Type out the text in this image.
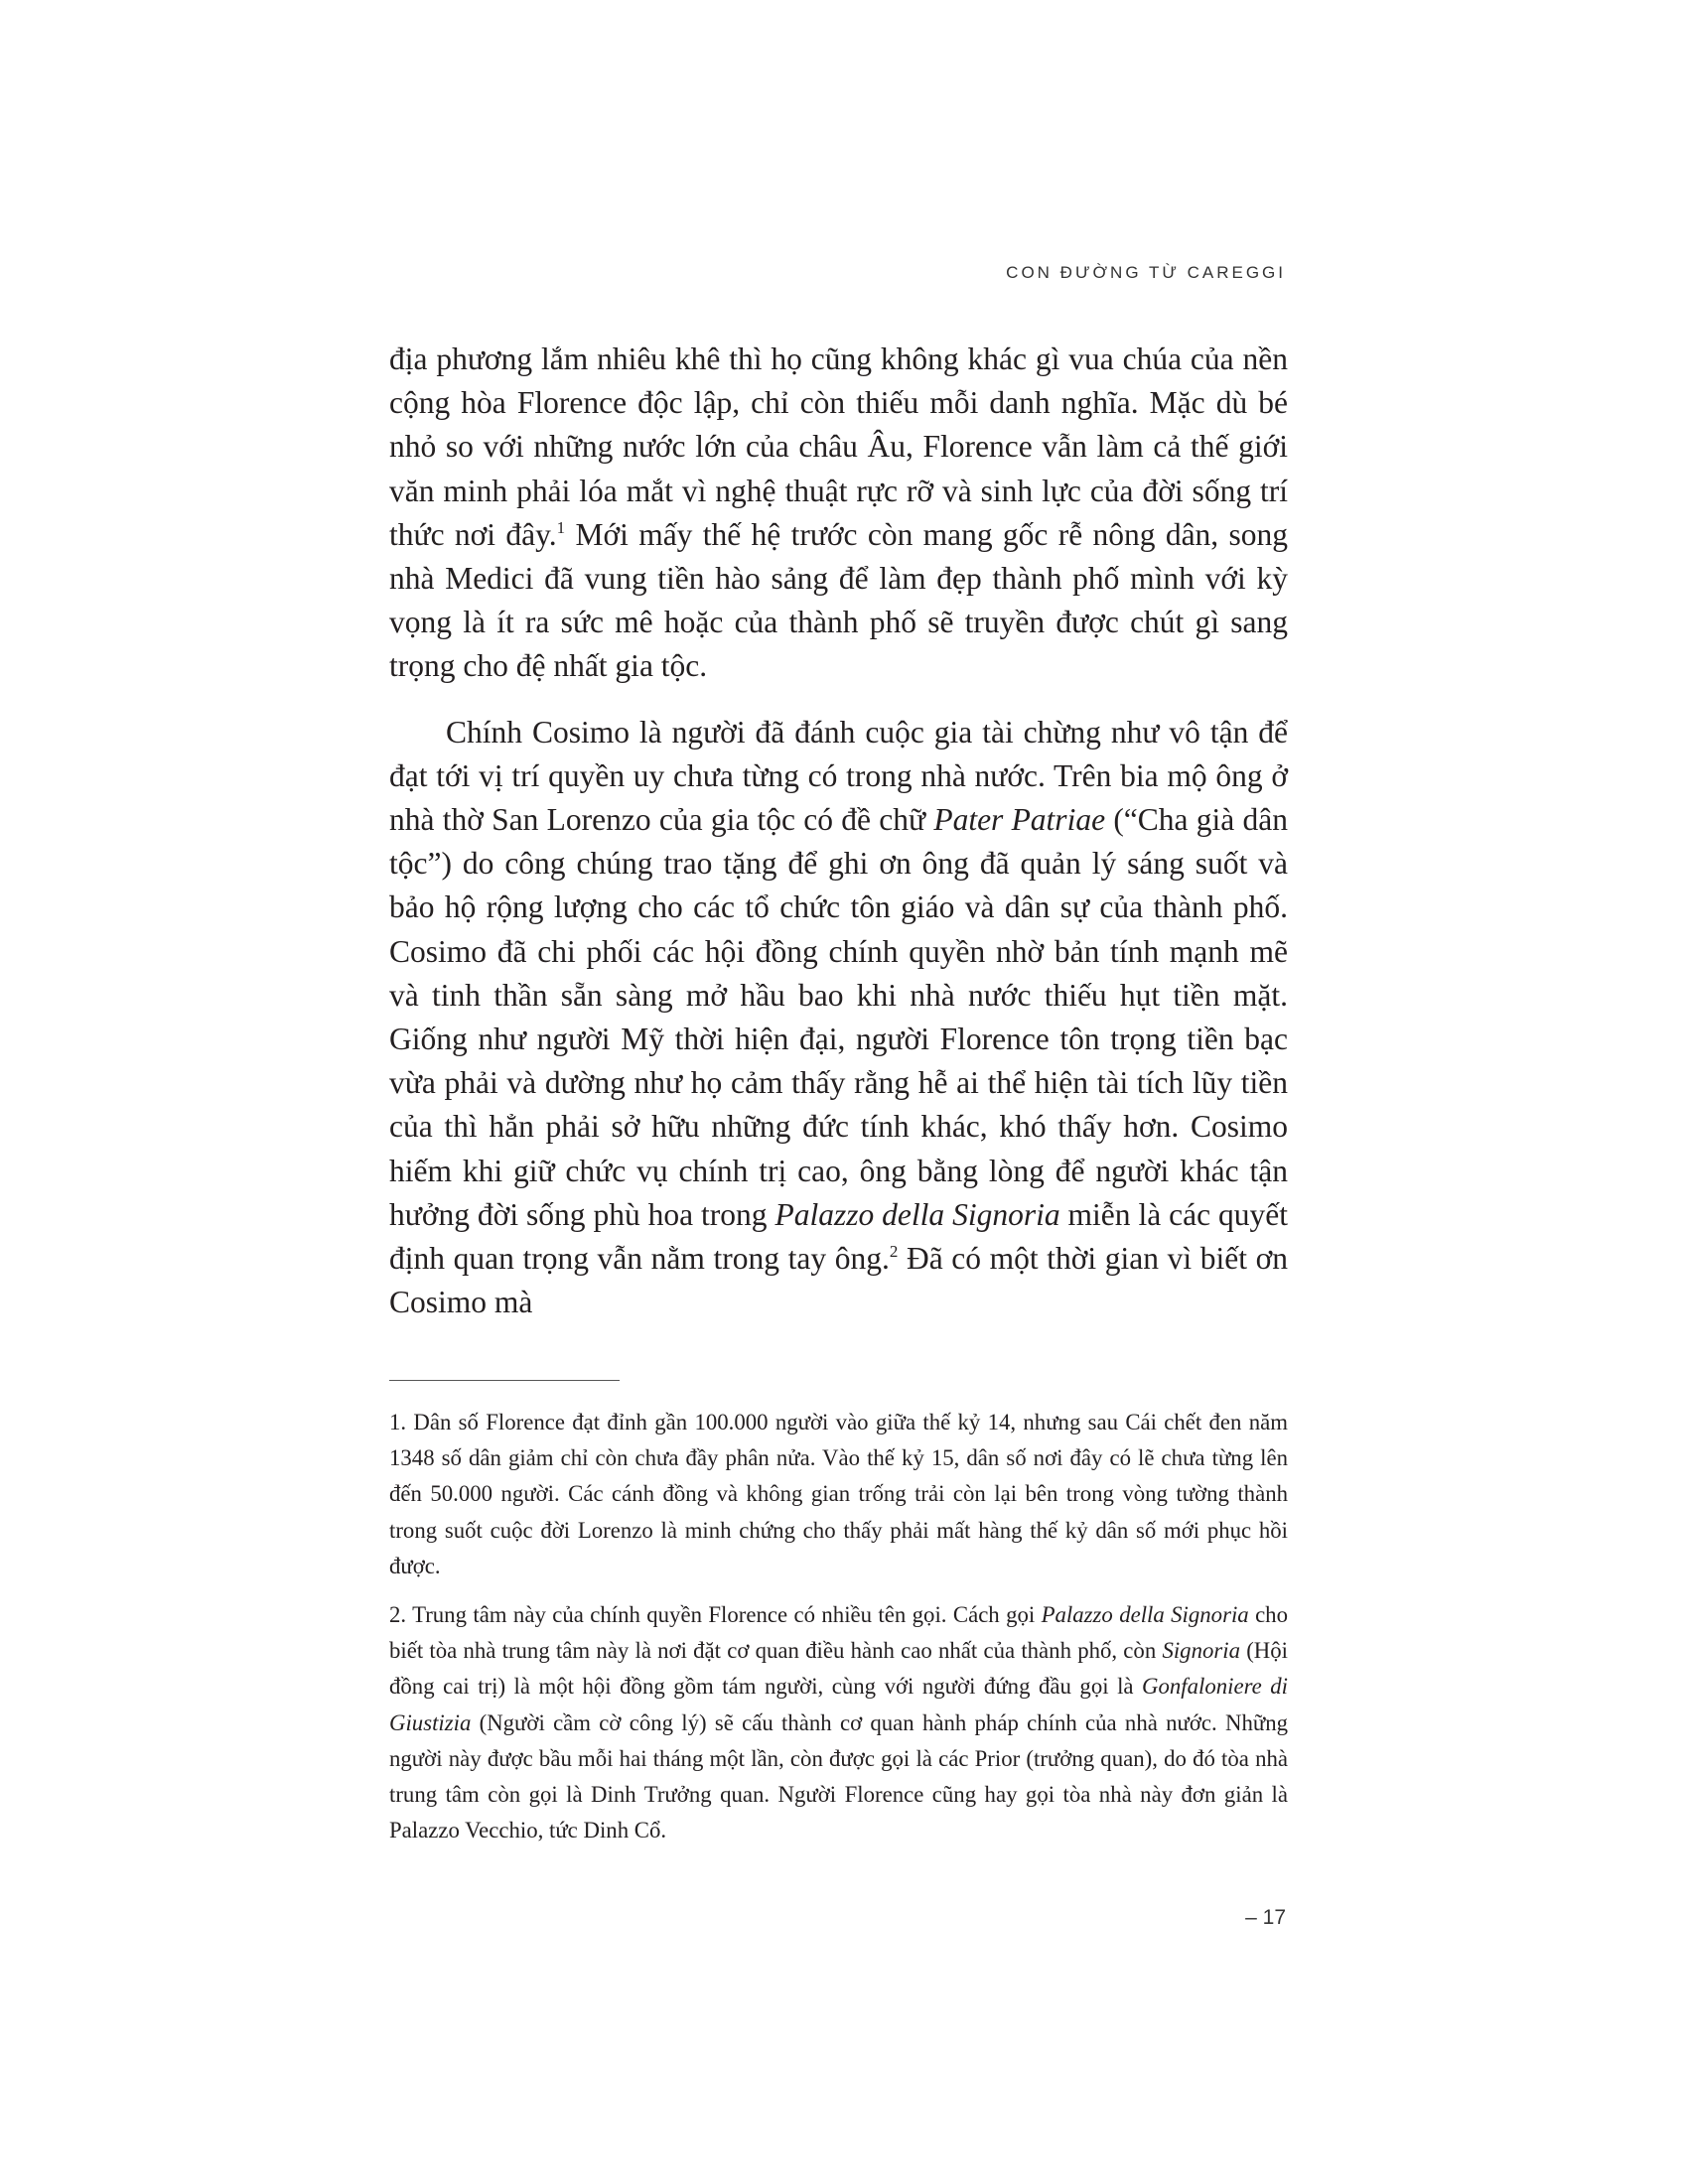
CON ĐƯỜNG TỪ CAREGGI

địa phương lắm nhiêu khê thì họ cũng không khác gì vua chúa của nền cộng hòa Florence độc lập, chỉ còn thiếu mỗi danh nghĩa. Mặc dù bé nhỏ so với những nước lớn của châu Âu, Florence vẫn làm cả thế giới văn minh phải lóa mắt vì nghệ thuật rực rỡ và sinh lực của đời sống trí thức nơi đây.$^1$ Mới mấy thế hệ trước còn mang gốc rễ nông dân, song nhà Medici đã vung tiền hào sảng để làm đẹp thành phố mình với kỳ vọng là ít ra sức mê hoặc của thành phố sẽ truyền được chút gì sang trọng cho đệ nhất gia tộc.

Chính Cosimo là người đã đánh cuộc gia tài chừng như vô tận để đạt tới vị trí quyền uy chưa từng có trong nhà nước. Trên bia mộ ông ở nhà thờ San Lorenzo của gia tộc có đề chữ Pater Patriae (“Cha già dân tộc”) do công chúng trao tặng để ghi ơn ông đã quản lý sáng suốt và bảo hộ rộng lượng cho các tổ chức tôn giáo và dân sự của thành phố. Cosimo đã chi phối các hội đồng chính quyền nhờ bản tính mạnh mẽ và tinh thần sẵn sàng mở hầu bao khi nhà nước thiếu hụt tiền mặt. Giống như người Mỹ thời hiện đại, người Florence tôn trọng tiền bạc vừa phải và dường như họ cảm thấy rằng hễ ai thể hiện tài tích lũy tiền của thì hẳn phải sở hữu những đức tính khác, khó thấy hơn. Cosimo hiếm khi giữ chức vụ chính trị cao, ông bằng lòng để người khác tận hưởng đời sống phù hoa trong Palazzo della Signoria miễn là các quyết định quan trọng vẫn nằm trong tay ông.$^2$ Đã có một thời gian vì biết ơn Cosimo mà

1. Dân số Florence đạt đỉnh gần 100.000 người vào giữa thế kỷ 14, nhưng sau Cái chết đen năm 1348 số dân giảm chỉ còn chưa đầy phân nửa. Vào thế kỷ 15, dân số nơi đây có lẽ chưa từng lên đến 50.000 người. Các cánh đồng và không gian trống trải còn lại bên trong vòng tường thành trong suốt cuộc đời Lorenzo là minh chứng cho thấy phải mất hàng thế kỷ dân số mới phục hồi được.

2. Trung tâm này của chính quyền Florence có nhiều tên gọi. Cách gọi Palazzo della Signoria cho biết tòa nhà trung tâm này là nơi đặt cơ quan điều hành cao nhất của thành phố, còn Signoria (Hội đồng cai trị) là một hội đồng gồm tám người, cùng với người đứng đầu gọi là Gonfaloniere di Giustizia (Người cầm cờ công lý) sẽ cấu thành cơ quan hành pháp chính của nhà nước. Những người này được bầu mỗi hai tháng một lần, còn được gọi là các Prior (trưởng quan), do đó tòa nhà trung tâm còn gọi là Dinh Trưởng quan. Người Florence cũng hay gọi tòa nhà này đơn giản là Palazzo Vecchio, tức Dinh Cổ.

– 17
